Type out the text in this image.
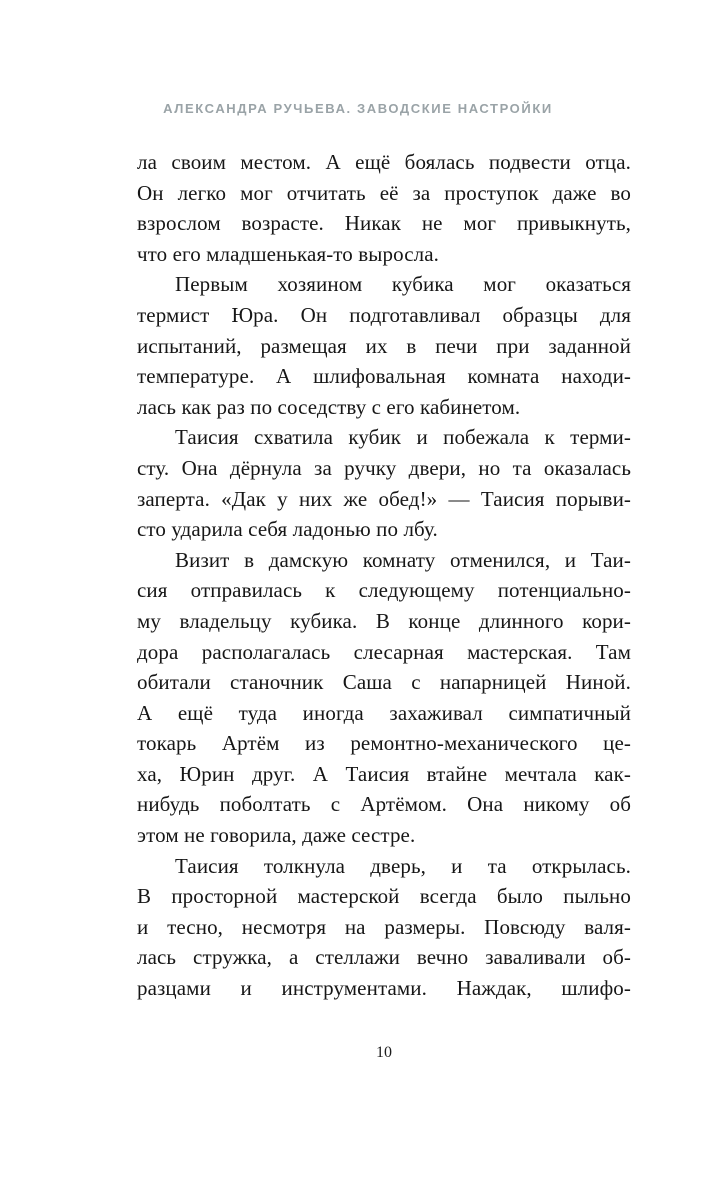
АЛЕКСАНДРА РУЧЬЕВА. ЗАВОДСКИЕ НАСТРОЙКИ
ла своим местом. А ещё боялась подвести отца.
Он легко мог отчитать её за проступок даже во
взрослом возрасте. Никак не мог привыкнуть,
что его младшенькая-то выросла.
Первым хозяином кубика мог оказаться
термист Юра. Он подготавливал образцы для
испытаний, размещая их в печи при заданной
температуре. А шлифовальная комната находи-
лась как раз по соседству с его кабинетом.
Таисия схватила кубик и побежала к терми-
сту. Она дёрнула за ручку двери, но та оказалась
заперта. «Дак у них же обед!» — Таисия порыви-
сто ударила себя ладонью по лбу.
Визит в дамскую комнату отменился, и Таи-
сия отправилась к следующему потенциально-
му владельцу кубика. В конце длинного кори-
дора располагалась слесарная мастерская. Там
обитали станочник Саша с напарницей Ниной.
А ещё туда иногда захаживал симпатичный
токарь Артём из ремонтно-механического це-
ха, Юрин друг. А Таисия втайне мечтала как-
нибудь поболтать с Артёмом. Она никому об
этом не говорила, даже сестре.
Таисия толкнула дверь, и та открылась.
В просторной мастерской всегда было пыльно
и тесно, несмотря на размеры. Повсюду валя-
лась стружка, а стеллажи вечно заваливали об-
разцами и инструментами. Наждак, шлифо-
10
